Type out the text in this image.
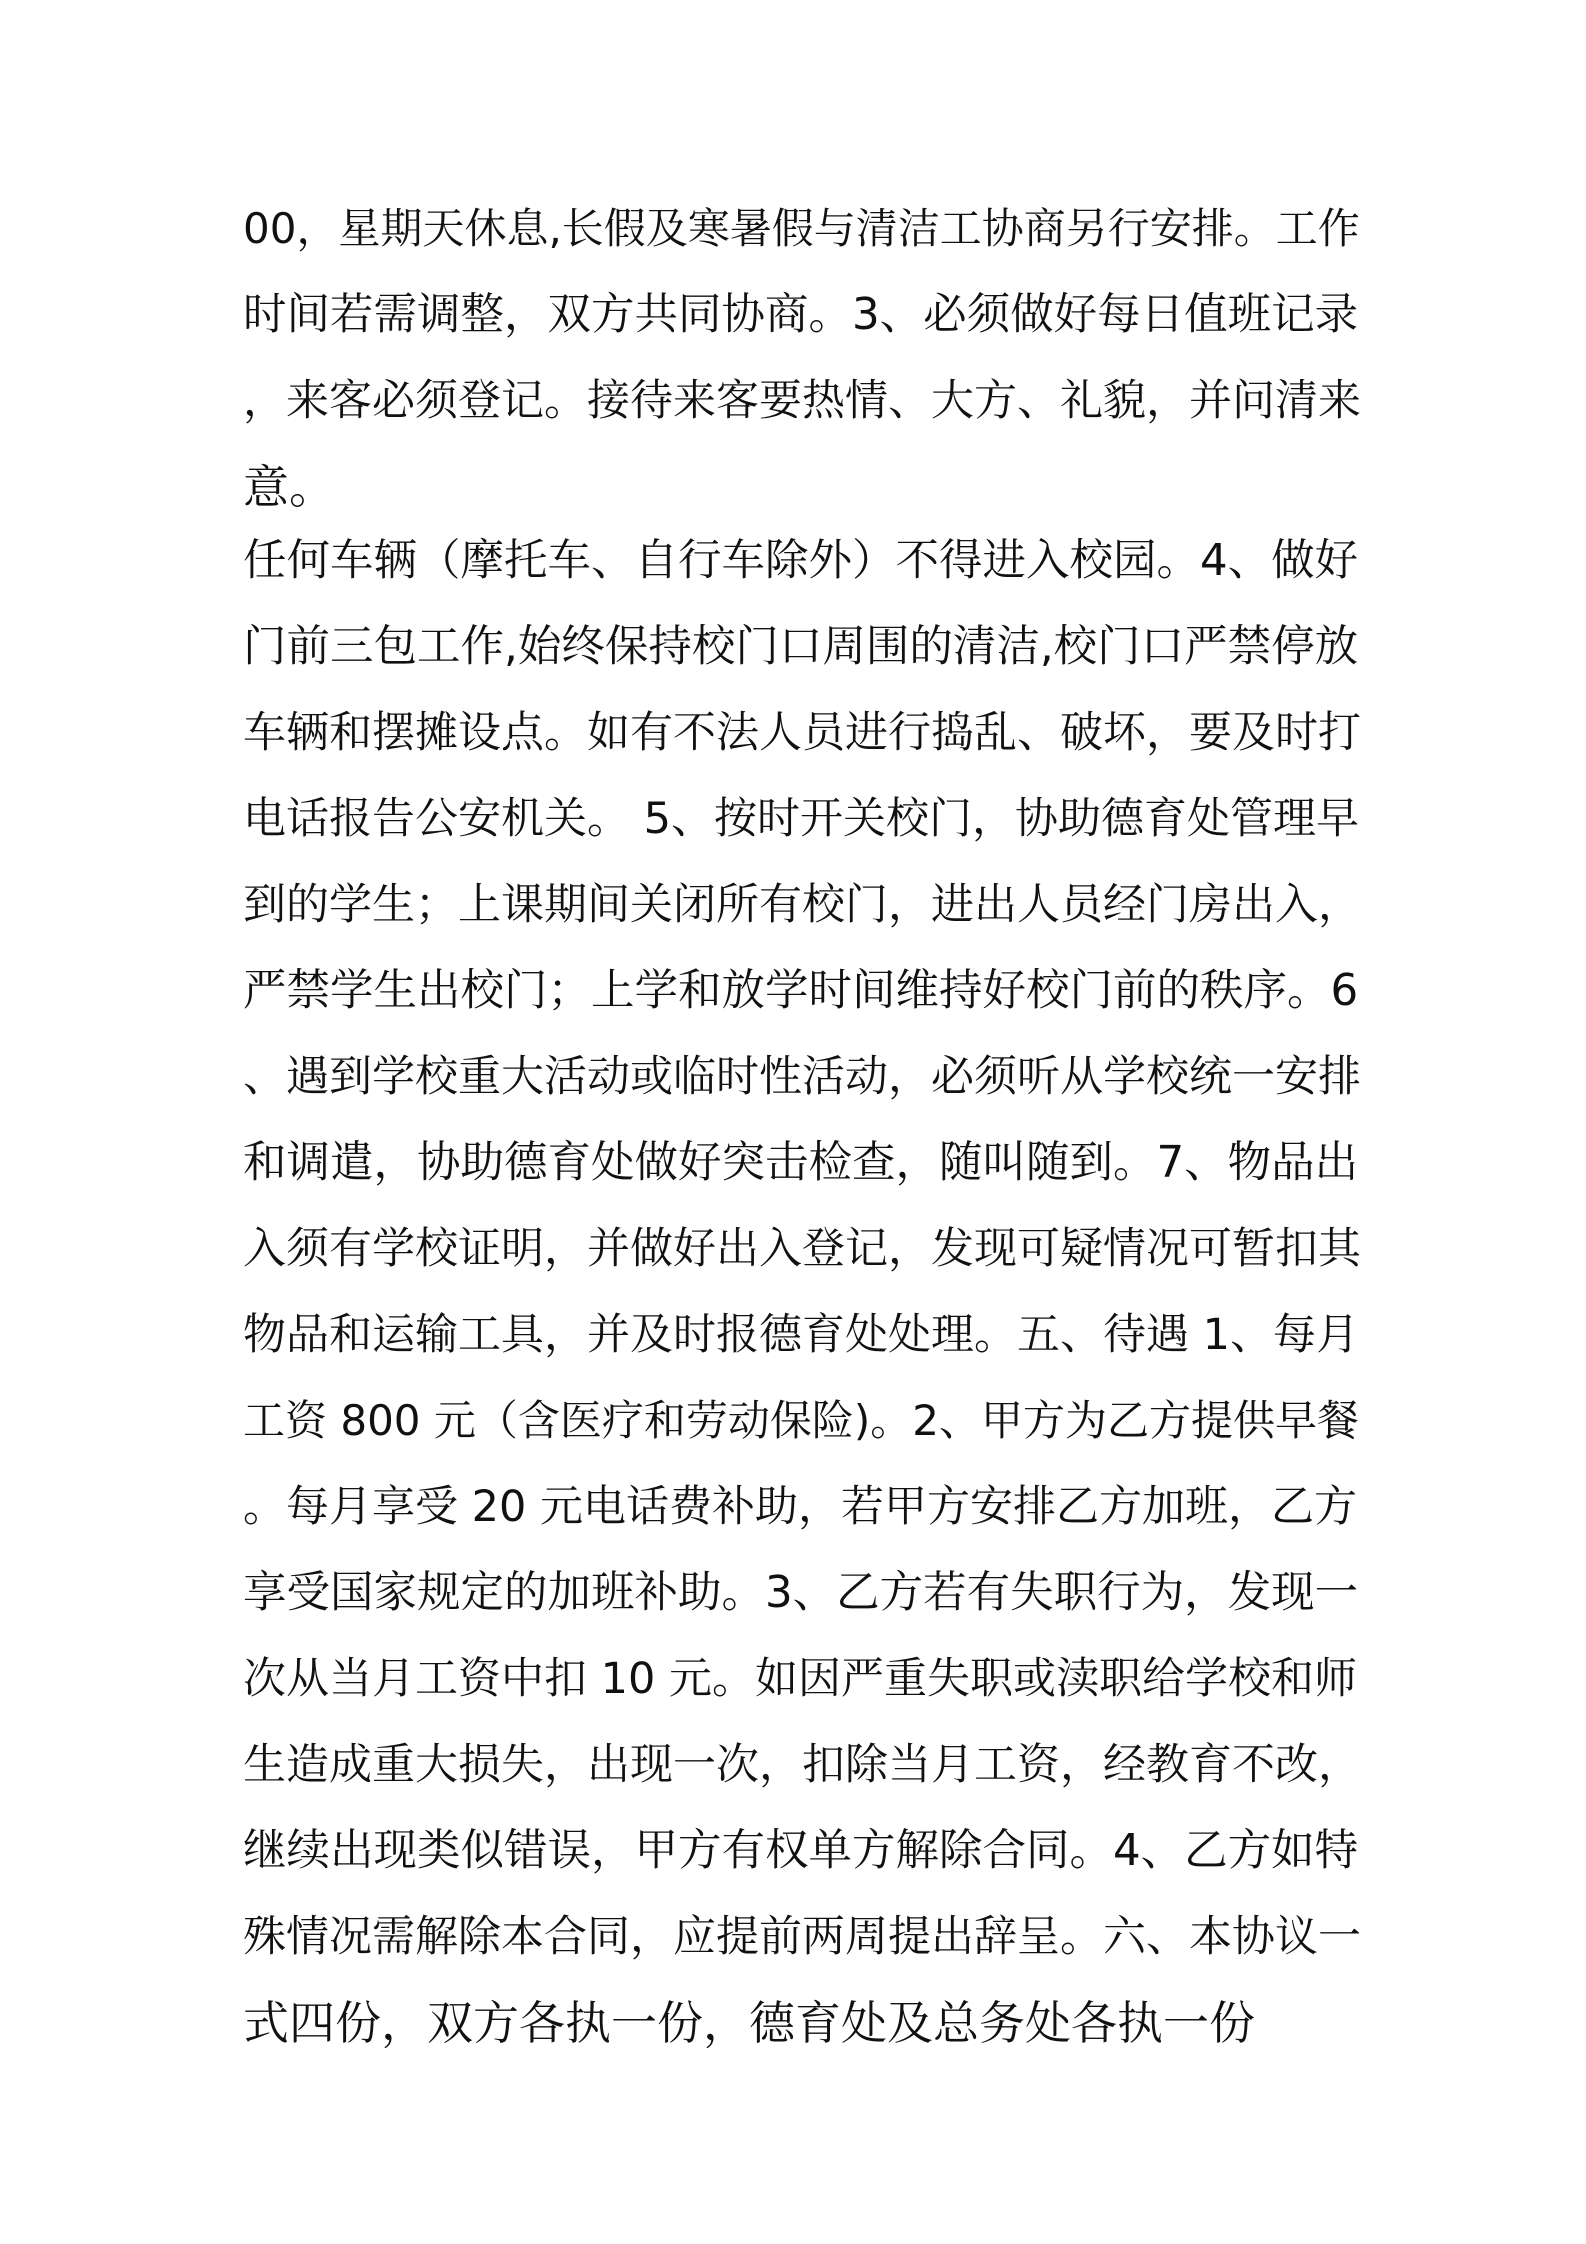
00，星期天休息,长假及寒暑假与清洁工协商另行安排。工作
时间若需调整，双方共同协商。3、必须做好每日值班记录
，来客必须登记。接待来客要热情、大方、礼貌，并问清来
意。
任何车辆（摩托车、自行车除外）不得进入校园。4、做好
门前三包工作,始终保持校门口周围的清洁,校门口严禁停放
车辆和摆摊设点。如有不法人员进行捣乱、破坏，要及时打
电话报告公安机关。 5、按时开关校门，协助德育处管理早
到的学生；上课期间关闭所有校门，进出人员经门房出入，
严禁学生出校门；上学和放学时间维持好校门前的秩序。6
、遇到学校重大活动或临时性活动，必须听从学校统一安排
和调遣，协助德育处做好突击检查，随叫随到。7、物品出
入须有学校证明，并做好出入登记，发现可疑情况可暂扣其
物品和运输工具，并及时报德育处处理。五、待遇 1、每月
工资 800 元（含医疗和劳动保险)。2、甲方为乙方提供早餐
。每月享受 20 元电话费补助，若甲方安排乙方加班，乙方
享受国家规定的加班补助。3、乙方若有失职行为，发现一
次从当月工资中扣 10 元。如因严重失职或渎职给学校和师
生造成重大损失，出现一次，扣除当月工资，经教育不改，
继续出现类似错误，甲方有权单方解除合同。4、乙方如特
殊情况需解除本合同，应提前两周提出辞呈。六、本协议一
式四份，双方各执一份，德育处及总务处各执一份
